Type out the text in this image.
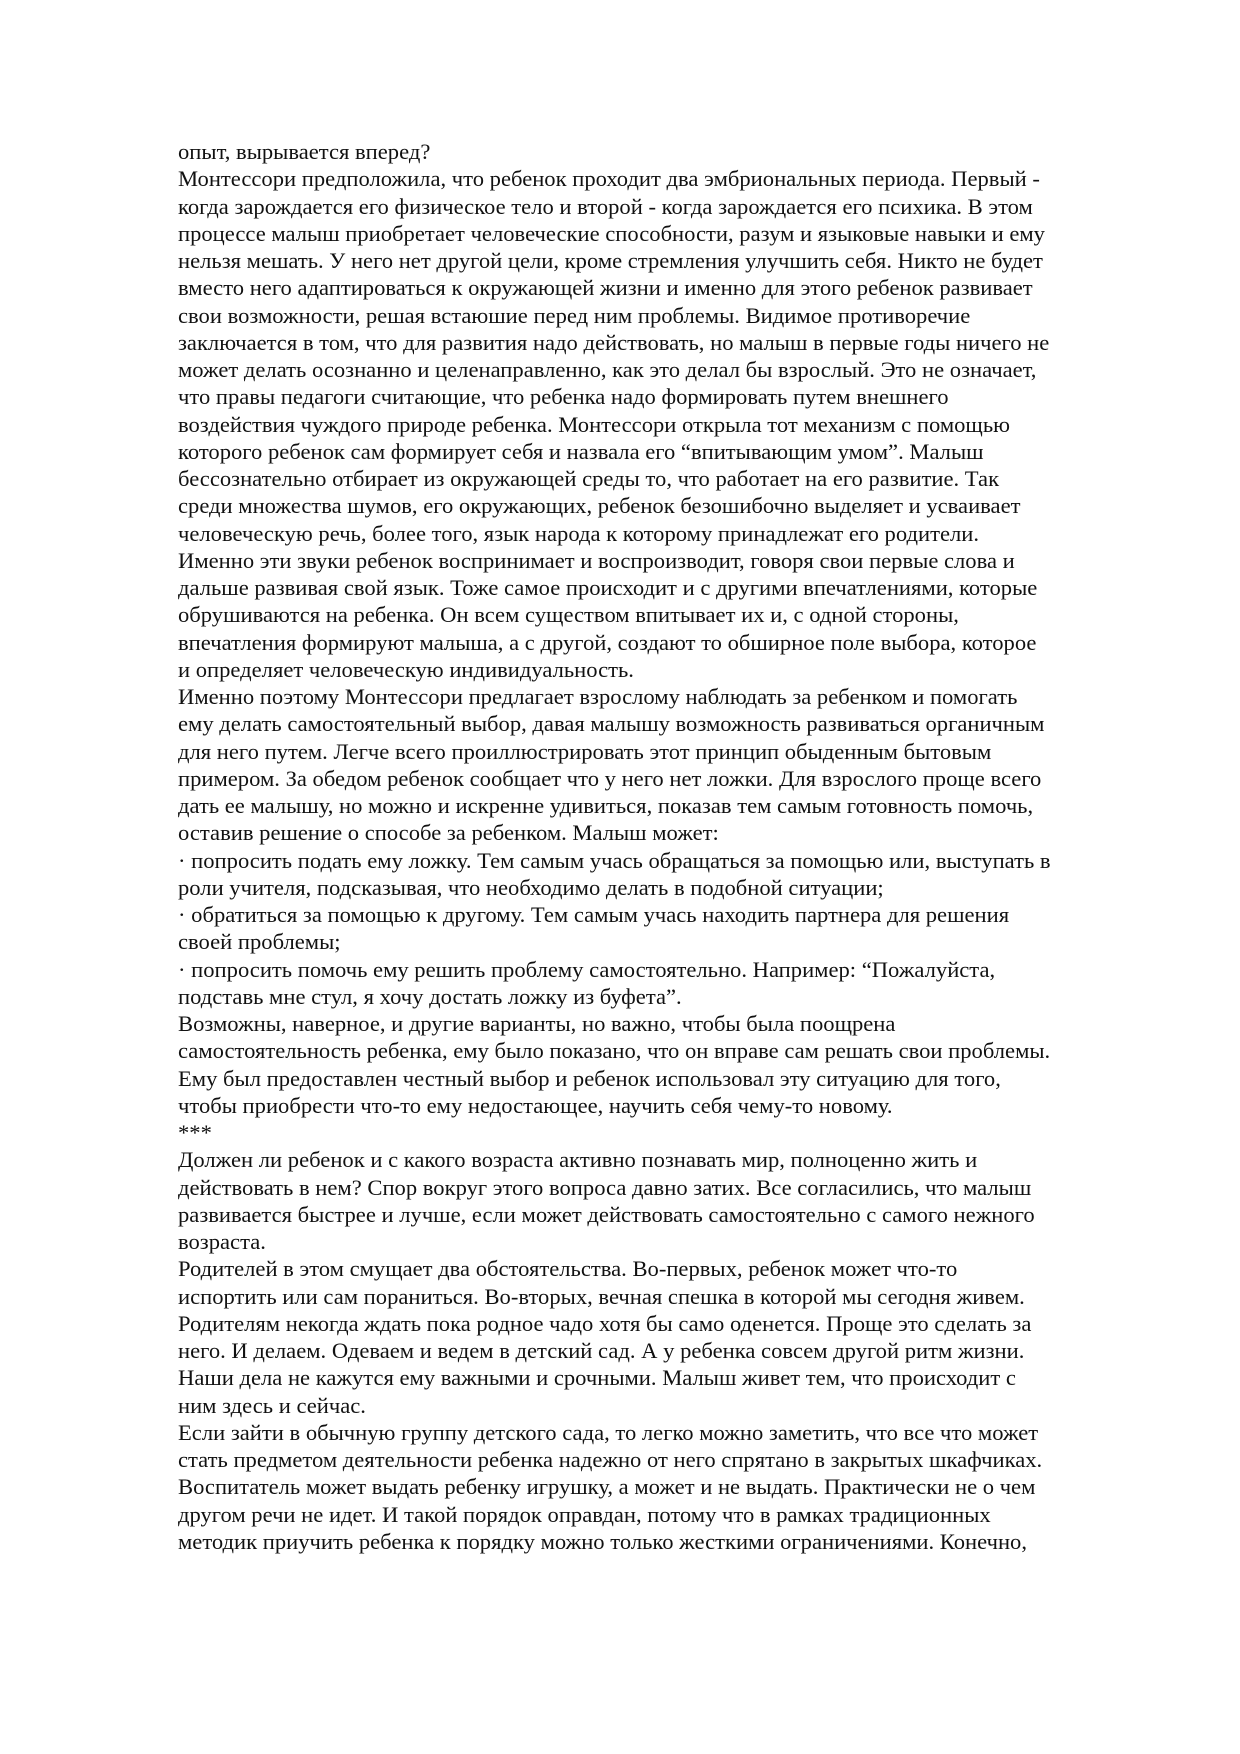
опыт, вырывается вперед?
Монтессори предположила, что ребенок проходит два эмбриональных периода. Первый -
когда зарождается его физическое тело и второй - когда зарождается его психика. В этом
процессе малыш приобретает человеческие способности, разум и языковые навыки и ему
нельзя мешать. У него нет другой цели, кроме стремления улучшить себя. Никто не будет
вместо него адаптироваться к окружающей жизни и именно для этого ребенок развивает
свои возможности, решая встаюшие перед ним проблемы. Видимое противоречие
заключается в том, что для развития надо действовать, но малыш в первые годы ничего не
может делать осознанно и целенаправленно, как это делал бы взрослый. Это не означает,
что правы педагоги считающие, что ребенка надо формировать путем внешнего
воздействия чуждого природе ребенка. Монтессори открыла тот механизм с помощью
которого ребенок сам формирует себя и назвала его “впитывающим умом”. Малыш
бессознательно отбирает из окружающей среды то, что работает на его развитие. Так
среди множества шумов, его окружающих, ребенок безошибочно выделяет и усваивает
человеческую речь, более того, язык народа к которому принадлежат его родители.
Именно эти звуки ребенок воспринимает и воспроизводит, говоря свои первые слова и
дальше развивая свой язык. Тоже самое происходит и с другими впечатлениями, которые
обрушиваются на ребенка. Он всем существом впитывает их и, с одной стороны,
впечатления формируют малыша, а с другой, создают то обширное поле выбора, которое
и определяет человеческую индивидуальность.
Именно поэтому Монтессори предлагает взрослому наблюдать за ребенком и помогать
ему делать самостоятельный выбор, давая малышу возможность развиваться органичным
для него путем. Легче всего проиллюстрировать этот принцип обыденным бытовым
примером. За обедом ребенок сообщает что у него нет ложки. Для взрослого проще всего
дать ее малышу, но можно и искренне удивиться, показав тем самым готовность помочь,
оставив решение о способе за ребенком. Малыш может:
· попросить подать ему ложку. Тем самым учась обращаться за помощью или, выступать в
роли учителя, подсказывая, что необходимо делать в подобной ситуации;
· обратиться за помощью к другому. Тем самым учась находить партнера для решения
своей проблемы;
· попросить помочь ему решить проблему самостоятельно. Например: “Пожалуйста,
подставь мне стул, я хочу достать ложку из буфета”.
Возможны, наверное, и другие варианты, но важно, чтобы была поощрена
самостоятельность ребенка, ему было показано, что он вправе сам решать свои проблемы.
Ему был предоставлен честный выбор и ребенок использовал эту ситуацию для того,
чтобы приобрести что-то ему недостающее, научить себя чему-то новому.
***
Должен ли ребенок и с какого возраста активно познавать мир, полноценно жить и
действовать в нем? Спор вокруг этого вопроса давно затих. Все согласились, что малыш
развивается быстрее и лучше, если может действовать самостоятельно с самого нежного
возраста.
Родителей в этом смущает два обстоятельства. Во-первых, ребенок может что-то
испортить или сам пораниться. Во-вторых, вечная спешка в которой мы сегодня живем.
Родителям некогда ждать пока родное чадо хотя бы само оденется. Проще это сделать за
него. И делаем. Одеваем и ведем в детский сад. А у ребенка совсем другой ритм жизни.
Наши дела не кажутся ему важными и срочными. Малыш живет тем, что происходит с
ним здесь и сейчас.
Если зайти в обычную группу детского сада, то легко можно заметить, что все что может
стать предметом деятельности ребенка надежно от него спрятано в закрытых шкафчиках.
Воспитатель может выдать ребенку игрушку, а может и не выдать. Практически не о чем
другом речи не идет. И такой порядок оправдан, потому что в рамках традиционных
методик приучить ребенка к порядку можно только жесткими ограничениями. Конечно,
